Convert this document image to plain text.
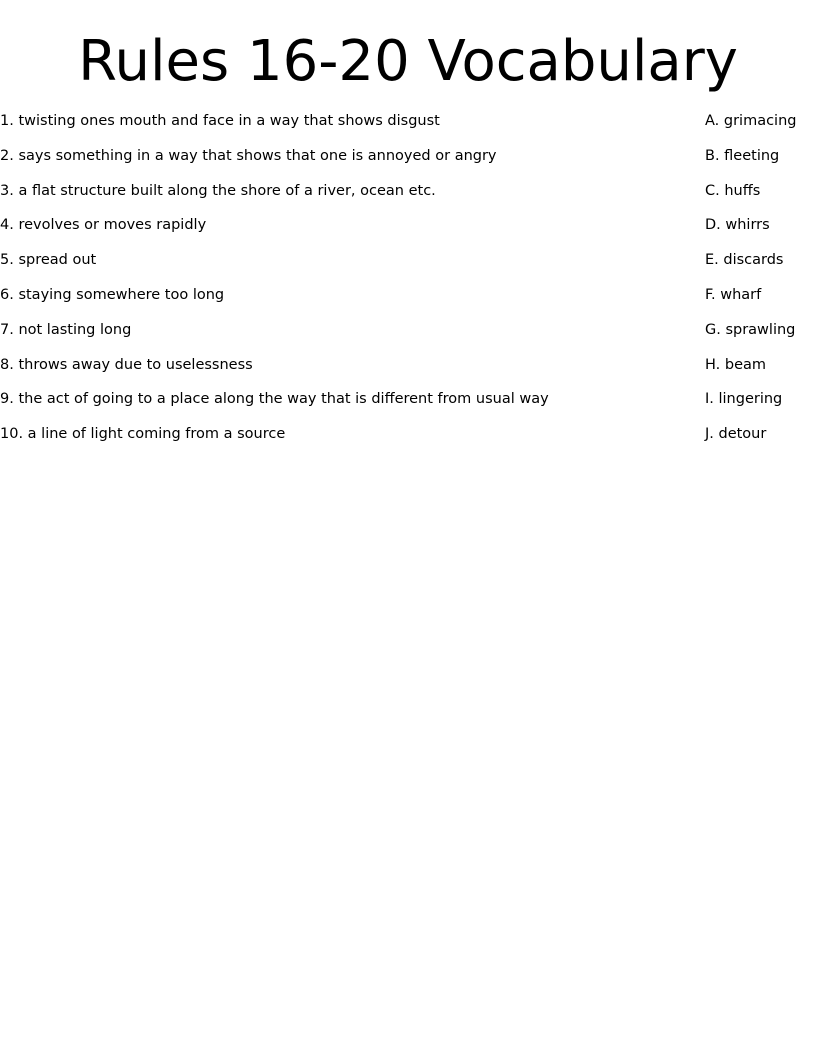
Rules 16-20 Vocabulary
1. twisting ones mouth and face in a way that shows disgust	A. grimacing
2. says something in a way that shows that one is annoyed or angry	B. fleeting
3. a flat structure built along the shore of a river, ocean etc.	C. huffs
4. revolves or moves rapidly	D. whirrs
5. spread out	E. discards
6. staying somewhere too long	F. wharf
7. not lasting long	G. sprawling
8. throws away due to uselessness	H. beam
9. the act of going to a place along the way that is different from usual way	I. lingering
10. a line of light coming from a source	J. detour
